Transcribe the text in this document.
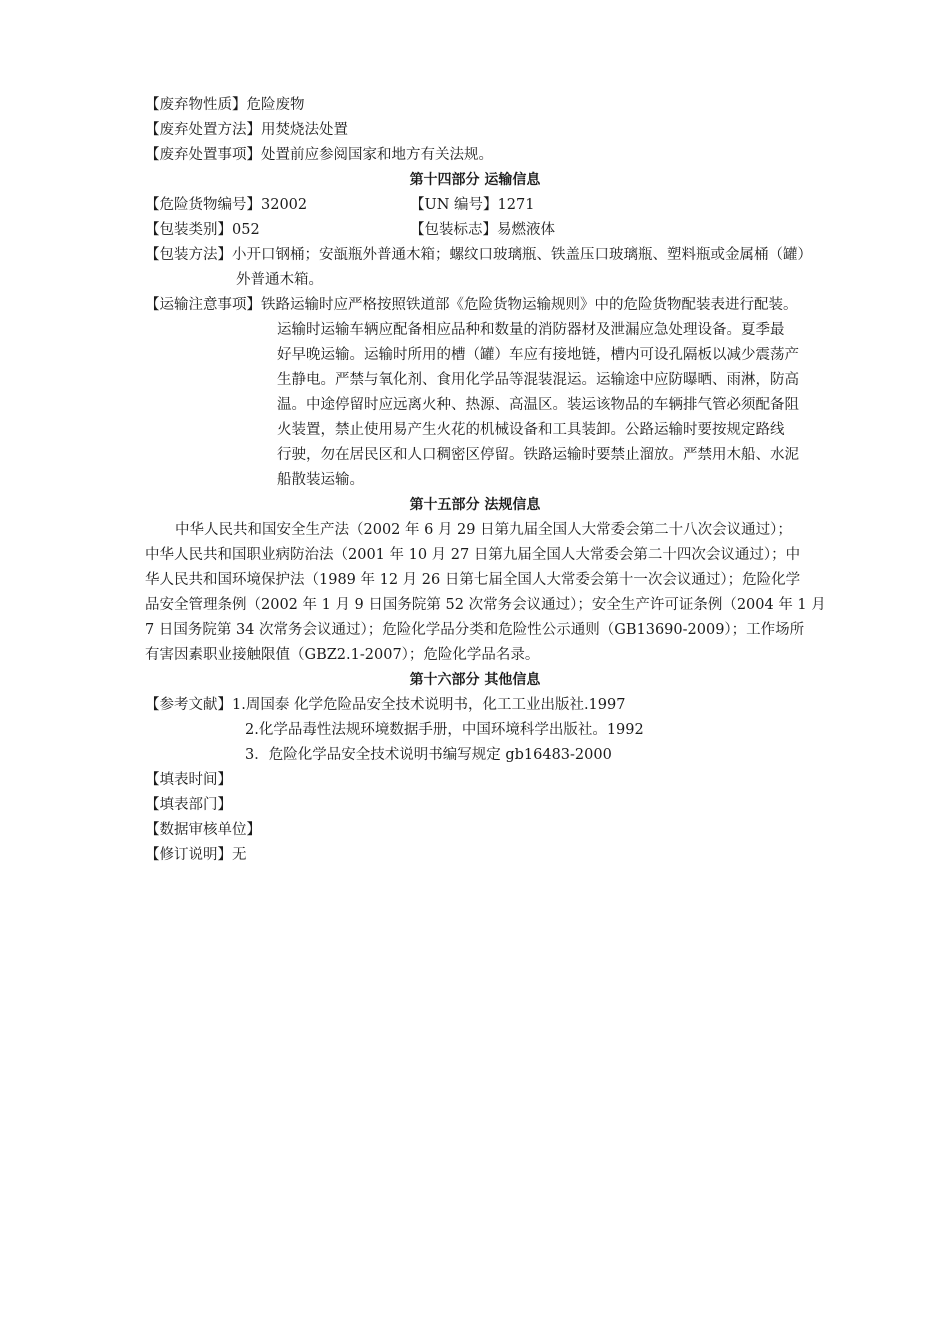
【废弃物性质】危险废物
【废弃处置方法】用焚烧法处置
【废弃处置事项】处置前应参阅国家和地方有关法规。
第十四部分 运输信息
【危险货物编号】32002	【UN 编号】1271
【包装类别】052	【包装标志】易燃液体
【包装方法】小开口钢桶；安瓿瓶外普通木箱；螺纹口玻璃瓶、铁盖压口玻璃瓶、塑料瓶或金属桶（罐）
外普通木箱。
【运输注意事项】铁路运输时应严格按照铁道部《危险货物运输规则》中的危险货物配装表进行配装。
运输时运输车辆应配备相应品种和数量的消防器材及泄漏应急处理设备。夏季最
好早晚运输。运输时所用的槽（罐）车应有接地链，槽内可设孔隔板以减少震荡产
生静电。严禁与氧化剂、食用化学品等混装混运。运输途中应防曝晒、雨淋，防高
温。中途停留时应远离火种、热源、高温区。装运该物品的车辆排气管必须配备阻
火装置，禁止使用易产生火花的机械设备和工具装卸。公路运输时要按规定路线
行驶，勿在居民区和人口稠密区停留。铁路运输时要禁止溜放。严禁用木船、水泥
船散装运输。
第十五部分 法规信息
中华人民共和国安全生产法（2002 年 6 月 29 日第九届全国人大常委会第二十八次会议通过）；
中华人民共和国职业病防治法（2001 年 10 月 27 日第九届全国人大常委会第二十四次会议通过）；中
华人民共和国环境保护法（1989 年 12 月 26 日第七届全国人大常委会第十一次会议通过）；危险化学
品安全管理条例（2002 年 1 月 9 日国务院第 52 次常务会议通过）；安全生产许可证条例（2004 年 1 月
7 日国务院第 34 次常务会议通过）；危险化学品分类和危险性公示通则（GB13690-2009）；工作场所
有害因素职业接触限值（GBZ2.1-2007）；危险化学品名录。
第十六部分 其他信息
【参考文献】1.周国泰 化学危险品安全技术说明书，化工工业出版社.1997
2.化学品毒性法规环境数据手册，中国环境科学出版社。1992
3．危险化学品安全技术说明书编写规定 gb16483-2000
【填表时间】
【填表部门】
【数据审核单位】
【修订说明】无
